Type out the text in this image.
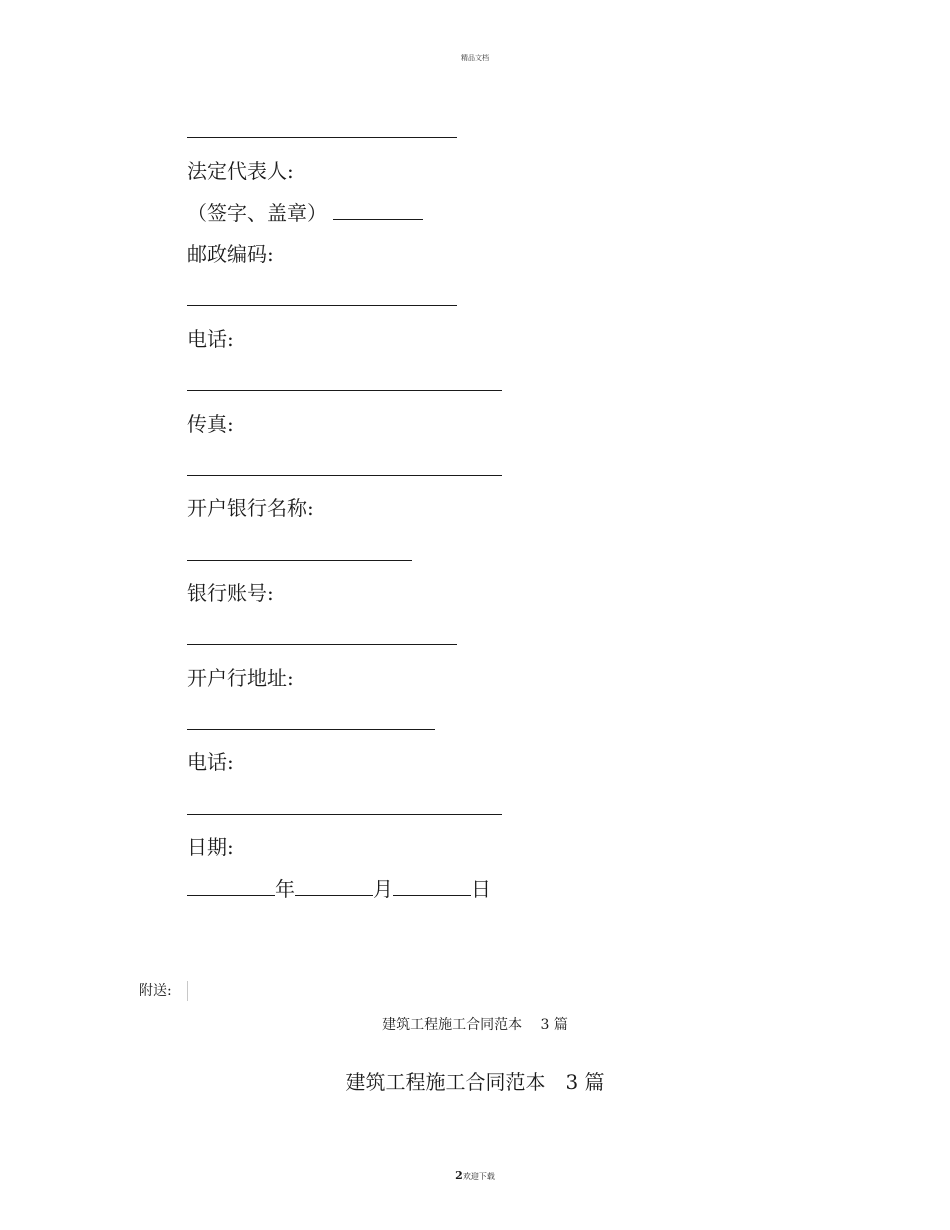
精品文档
法定代表人:
（签字、盖章）
邮政编码:
电话:
传真:
开户银行名称:
银行账号:
开户行地址:
电话:
日期:
年	月	日
附送:
建筑工程施工合同范本　 3 篇
建筑工程施工合同范本　3 篇
2欢迎下载
